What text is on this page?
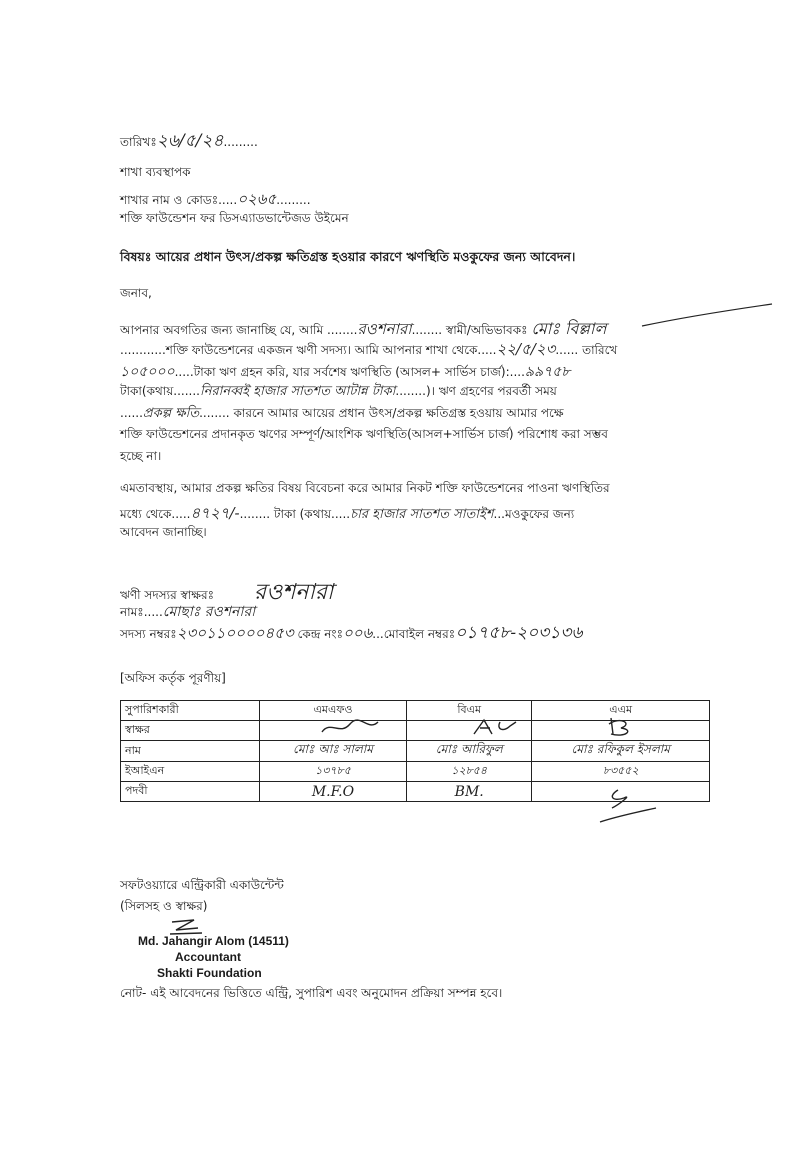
তারিখঃ২৬/৫/২৪.........
শাখা ব্যবস্থাপক
শাখার নাম ও কোডঃ.....০২৬৫.........
শক্তি ফাউন্ডেশন ফর ডিসএ্যাডভান্টেজড উইমেন
বিষয়ঃ আয়ের প্রধান উৎস/প্রকল্প ক্ষতিগ্রস্ত হওয়ার কারণে ঋণস্থিতি মওকুফের জন্য আবেদন।
জনাব,
আপনার অবগতির জন্য জানাচ্ছি যে, আমি ........রওশনারা........ স্বামী/অভিভাবকঃ মোঃ বিল্লাল
............শক্তি ফাউন্ডেশনের একজন ঋণী সদস্য। আমি আপনার শাখা থেকে.....২২/৫/২৩...... তারিখে
১০৫০০০.....টাকা ঋণ গ্রহন করি, যার সর্বশেষ ঋণস্থিতি (আসল+ সার্ভিস চার্জ):....৯৯৭৫৮
টাকা(কথায়.......নিরানব্বই হাজার সাতশত আটান্ন টাকা........)। ঋণ গ্রহণের পরবর্তী সময়
......প্রকল্প ক্ষতি........ কারনে আমার আয়ের প্রধান উৎস/প্রকল্প ক্ষতিগ্রস্ত হওয়ায় আমার পক্ষে
শক্তি ফাউন্ডেশনের প্রদানকৃত ঋণের সম্পূর্ণ/আংশিক ঋণস্থিতি(আসল+সার্ভিস চার্জ) পরিশোধ করা সম্ভব
হচ্ছে না।
এমতাবস্থায়, আমার প্রকল্প ক্ষতির বিষয় বিবেচনা করে আমার নিকট শক্তি ফাউন্ডেশনের পাওনা ঋণস্থিতির
মধ্যে থেকে.....৪৭২৭/-........ টাকা (কথায়.....চার হাজার সাতশত সাতাইশ...মওকুফের জন্য
আবেদন জানাচ্ছি।
ঋণী সদস্যর স্বাক্ষরঃ রওশনারা
নামঃ.....মোছাঃ রওশনারা
সদস্য নম্বরঃ২৩০১১০০০০৪৫৩ কেন্দ্র নংঃ০০৬...মোবাইল নম্বরঃ০১৭৫৮-২০৩১৩৬
[অফিস কর্তৃক পূরণীয়]
সুপারিশকারী	এমএফও	বিএম	এএম
স্বাক্ষর			
নাম	মোঃ আঃ সালাম	মোঃ আরিফুল	মোঃ রফিকুল ইসলাম
ইআইএন	১৩৭৮৫	১২৮৫৪	৮৩৫৫২
পদবী	M.F.O	BM.	
সফটওয়্যারে এন্ট্রিকারী একাউন্টেন্ট
(সিলসহ ও স্বাক্ষর)
Md. Jahangir Alom (14511)
Accountant
Shakti Foundation
নোট- এই আবেদনের ভিত্তিতে এন্ট্রি, সুপারিশ এবং অনুমোদন প্রক্রিয়া সম্পন্ন হবে।
